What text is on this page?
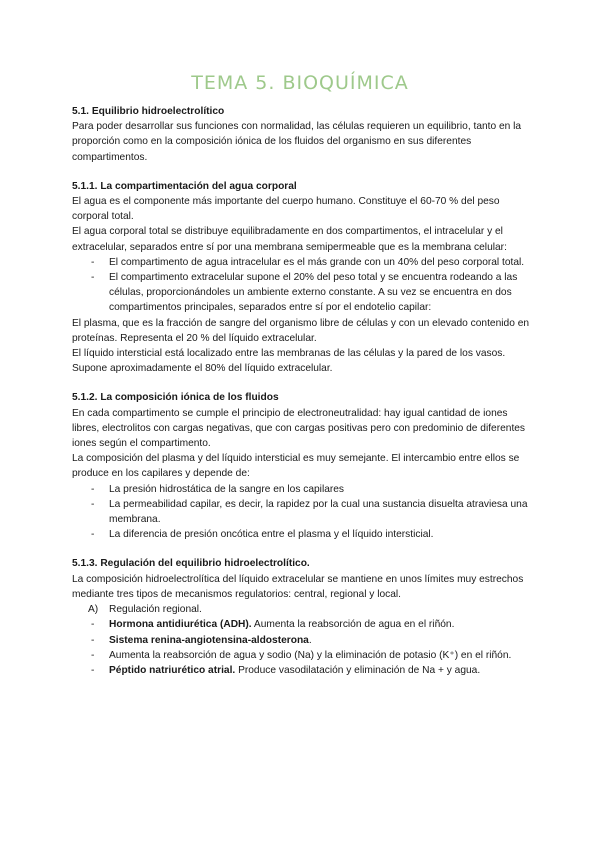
TEMA 5. BIOQUÍMICA

5.1. Equilibrio hidroelectrolítico

Para poder desarrollar sus funciones con normalidad, las células requieren un equilibrio, tanto en la proporción como en la composición iónica de los fluidos del organismo en sus diferentes compartimentos.

5.1.1. La compartimentación del agua corporal

El agua es el componente más importante del cuerpo humano. Constituye el 60-70 % del peso corporal total.

El agua corporal total se distribuye equilibradamente en dos compartimentos, el intracelular y el extracelular, separados entre sí por una membrana semipermeable que es la membrana celular:

- El compartimento de agua intracelular es el más grande con un 40% del peso corporal total.
- El compartimento extracelular supone el 20% del peso total y se encuentra rodeando a las células, proporcionándoles un ambiente externo constante. A su vez se encuentra en dos compartimentos principales, separados entre sí por el endotelio capilar:

El plasma, que es la fracción de sangre del organismo libre de células y con un elevado contenido en proteínas. Representa el 20 % del líquido extracelular.

El líquido intersticial está localizado entre las membranas de las células y la pared de los vasos. Supone aproximadamente el 80% del líquido extracelular.

5.1.2. La composición iónica de los fluidos

En cada compartimento se cumple el principio de electroneutralidad: hay igual cantidad de iones libres, electrolitos con cargas negativas, que con cargas positivas pero con predominio de diferentes iones según el compartimento.

La composición del plasma y del líquido intersticial es muy semejante. El intercambio entre ellos se produce en los capilares y depende de:

- La presión hidrostática de la sangre en los capilares
- La permeabilidad capilar, es decir, la rapidez por la cual una sustancia disuelta atraviesa una membrana.
- La diferencia de presión oncótica entre el plasma y el líquido intersticial.

5.1.3. Regulación del equilibrio hidroelectrolítico.

La composición hidroelectrolítica del líquido extracelular se mantiene en unos límites muy estrechos mediante tres tipos de mecanismos regulatorios: central, regional y local.

A) Regulación regional.
- Hormona antidiurética (ADH). Aumenta la reabsorción de agua en el riñón.
- Sistema renina-angiotensina-aldosterona.
- Aumenta la reabsorción de agua y sodio (Na) y la eliminación de potasio (K⁺) en el riñón.
- Péptido natriurético atrial. Produce vasodilatación y eliminación de Na + y agua.
